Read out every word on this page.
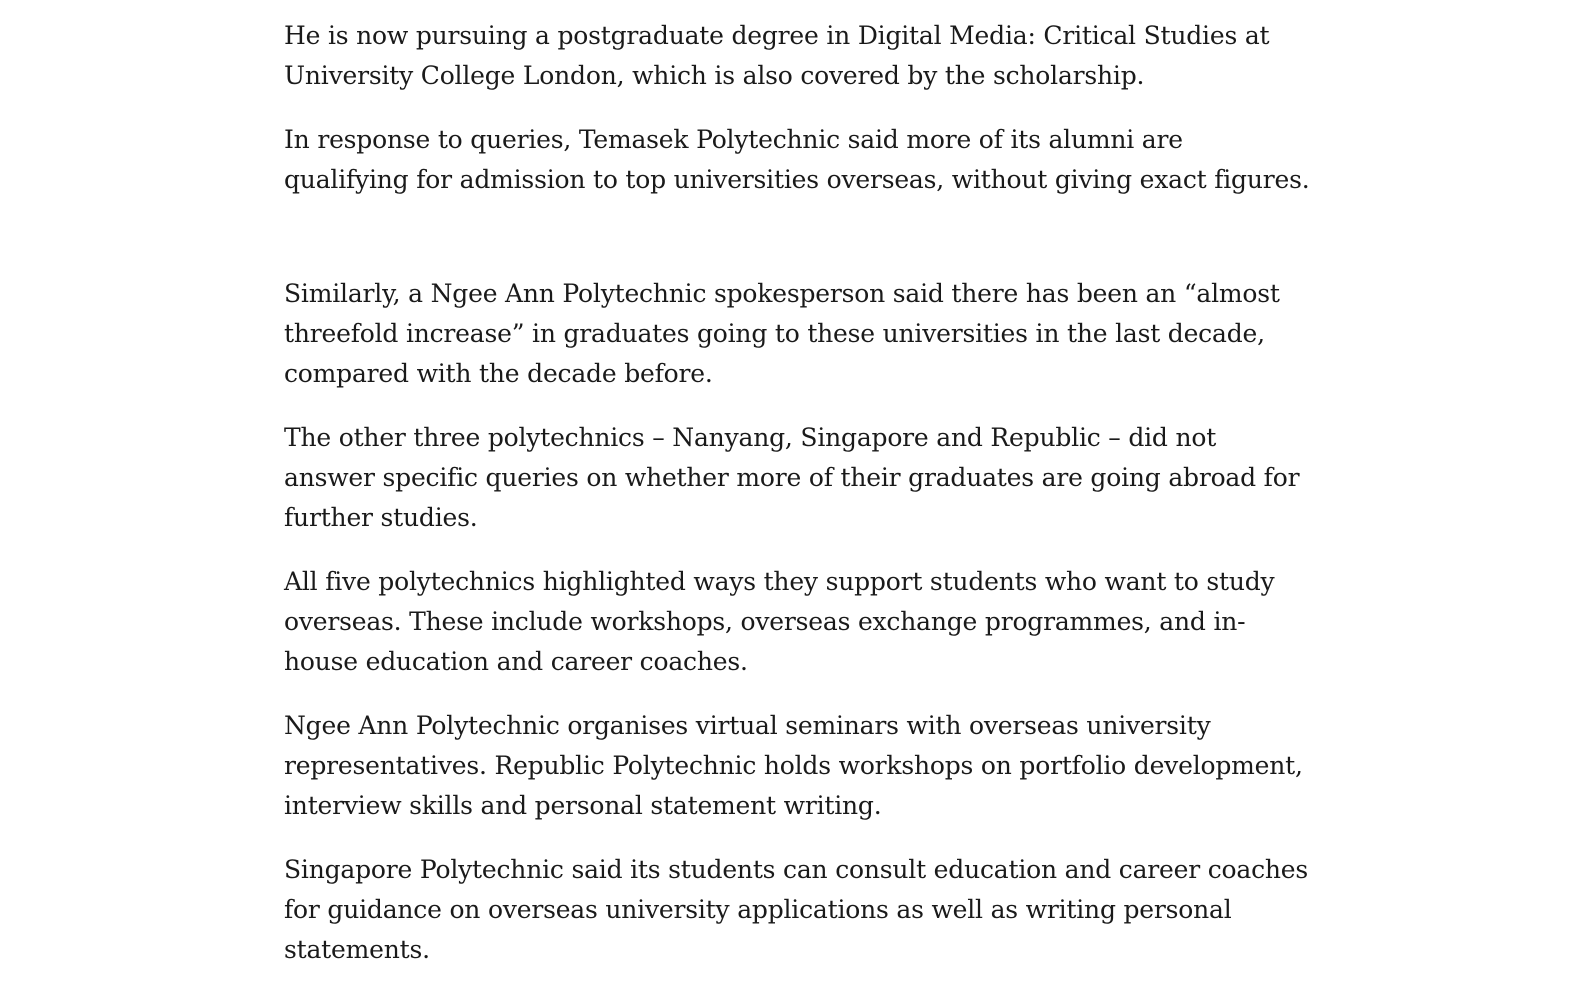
He is now pursuing a postgraduate degree in Digital Media: Critical Studies at University College London, which is also covered by the scholarship.

In response to queries, Temasek Polytechnic said more of its alumni are qualifying for admission to top universities overseas, without giving exact figures.

Similarly, a Ngee Ann Polytechnic spokesperson said there has been an “almost threefold increase” in graduates going to these universities in the last decade, compared with the decade before.

The other three polytechnics – Nanyang, Singapore and Republic – did not answer specific queries on whether more of their graduates are going abroad for further studies.

All five polytechnics highlighted ways they support students who want to study overseas. These include workshops, overseas exchange programmes, and in-house education and career coaches.

Ngee Ann Polytechnic organises virtual seminars with overseas university representatives. Republic Polytechnic holds workshops on portfolio development, interview skills and personal statement writing.

Singapore Polytechnic said its students can consult education and career coaches for guidance on overseas university applications as well as writing personal statements.
